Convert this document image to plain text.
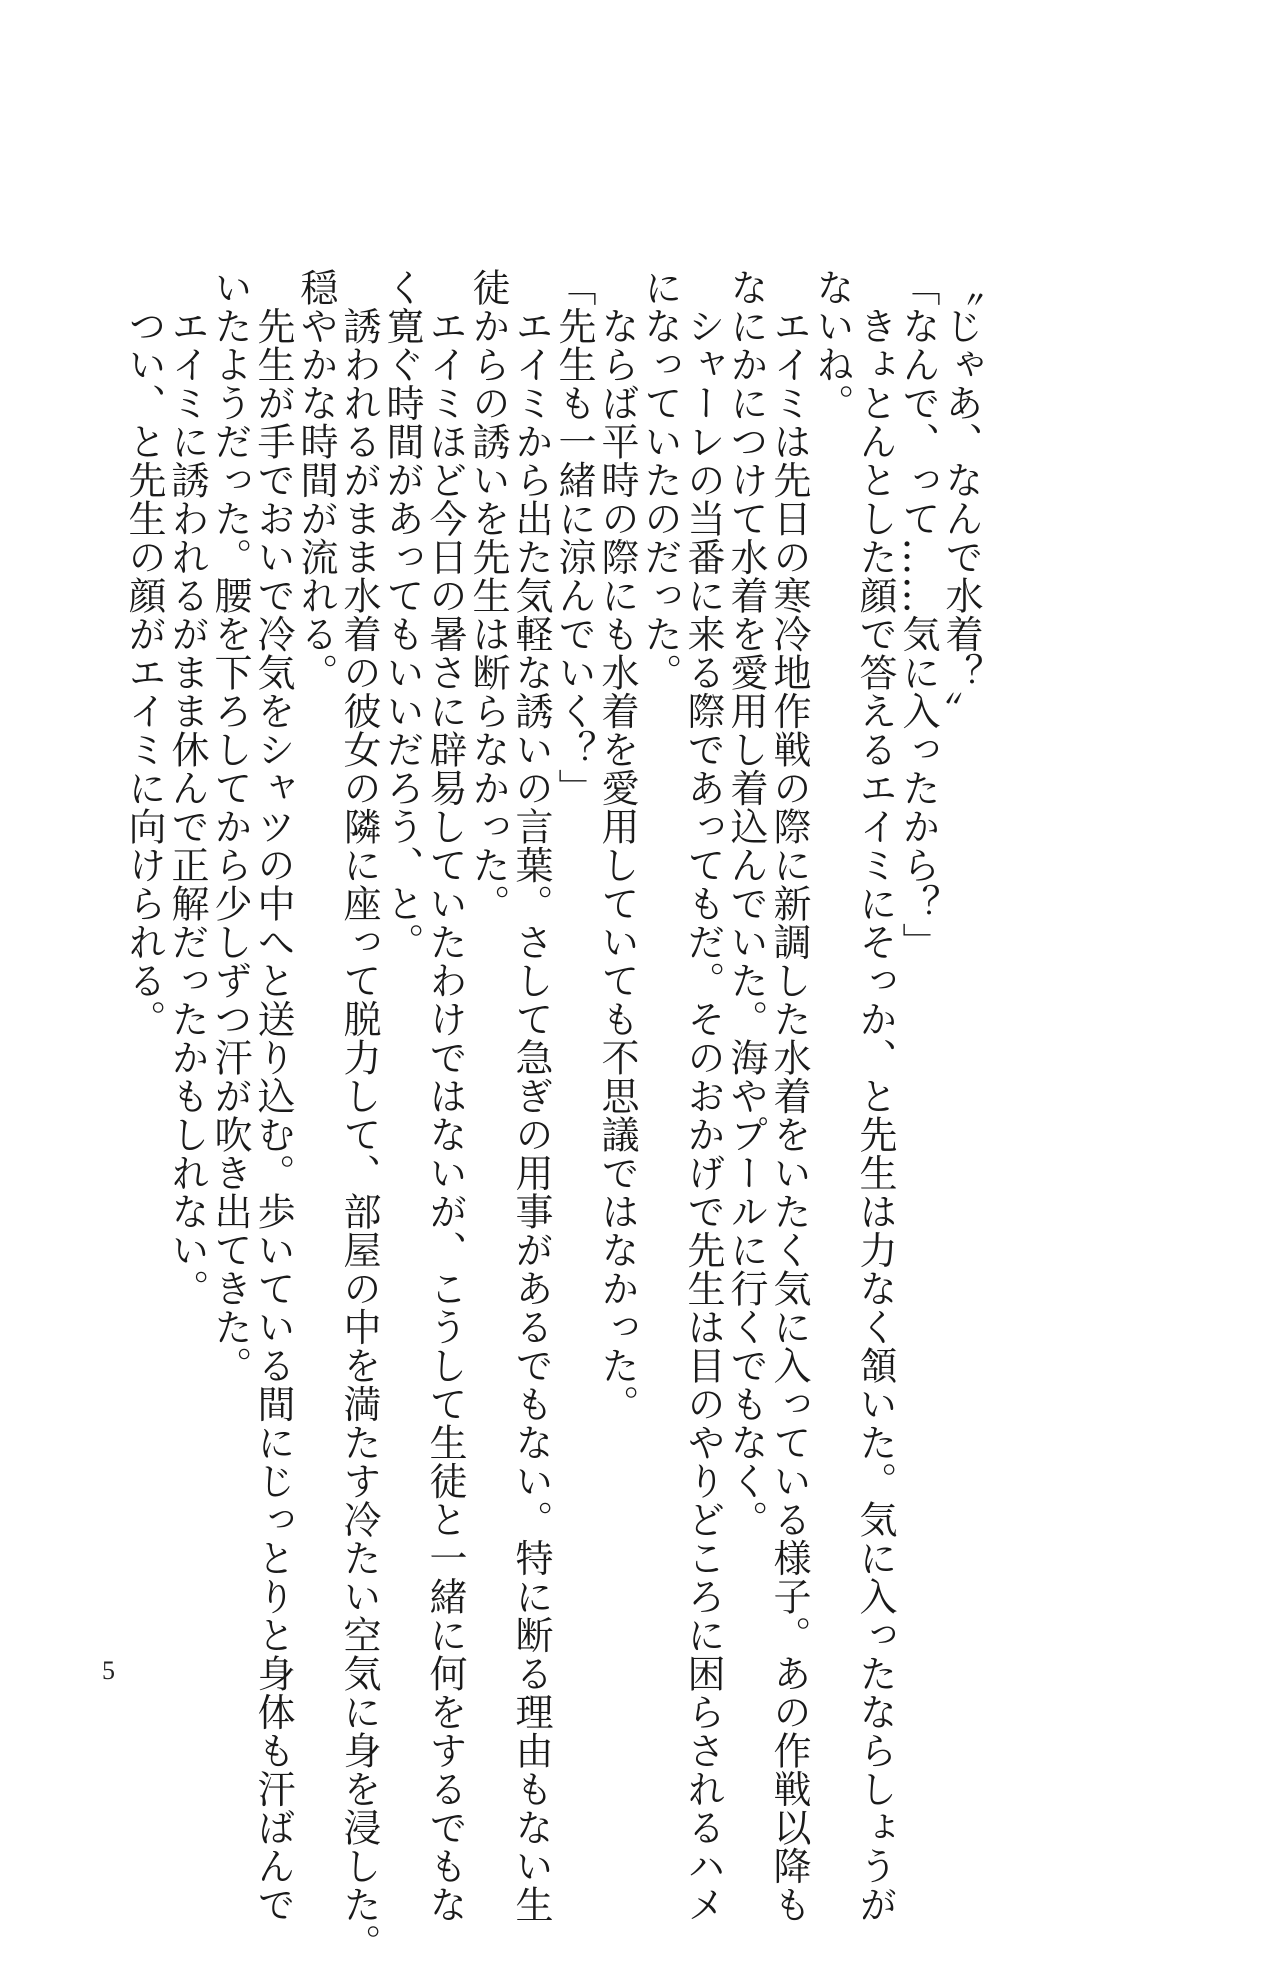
〝じゃあ、なんで水着？〟
「なんで、って……気に入ったから？」
　きょとんとした顔で答えるエイミにそっか、と先生は力なく頷いた。気に入ったならしょうが
ないね。
　エイミは先日の寒冷地作戦の際に新調した水着をいたく気に入っている様子。あの作戦以降も
なにかにつけて水着を愛用し着込んでいた。海やプールに行くでもなく。
　シャーレの当番に来る際であってもだ。そのおかげで先生は目のやりどころに困らされるハメ
になっていたのだった。
　ならば平時の際にも水着を愛用していても不思議ではなかった。
「先生も一緒に涼んでいく？」
　エイミから出た気軽な誘いの言葉。さして急ぎの用事があるでもない。特に断る理由もない生
徒からの誘いを先生は断らなかった。
　エイミほど今日の暑さに辟易していたわけではないが、こうして生徒と一緒に何をするでもな
く寛ぐ時間があってもいいだろう、と。
　誘われるがまま水着の彼女の隣に座って脱力して、部屋の中を満たす冷たい空気に身を浸した。
穏やかな時間が流れる。
　先生が手でおいで冷気をシャツの中へと送り込む。歩いている間にじっとりと身体も汗ばんで
いたようだった。腰を下ろしてから少しずつ汗が吹き出てきた。
　エイミに誘われるがまま休んで正解だったかもしれない。
　つい、と先生の顔がエイミに向けられる。
5
